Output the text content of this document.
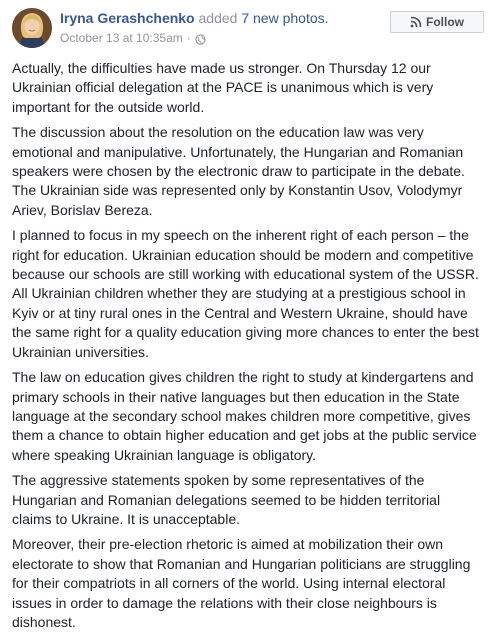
Iryna Gerashchenko added 7 new photos.
October 13 at 10:35am ·
Follow

Actually, the difficulties have made us stronger. On Thursday 12 our Ukrainian official delegation at the PACE is unanimous which is very important for the outside world.

The discussion about the resolution on the education law was very emotional and manipulative. Unfortunately, the Hungarian and Romanian speakers were chosen by the electronic draw to participate in the debate. The Ukrainian side was represented only by Konstantin Usov, Volodymyr Ariev, Borislav Bereza.

I planned to focus in my speech on the inherent right of each person – the right for education. Ukrainian education should be modern and competitive because our schools are still working with educational system of the USSR. All Ukrainian children whether they are studying at a prestigious school in Kyiv or at tiny rural ones in the Central and Western Ukraine, should have the same right for a quality education giving more chances to enter the best Ukrainian universities.

The law on education gives children the right to study at kindergartens and primary schools in their native languages but then education in the State language at the secondary school makes children more competitive, gives them a chance to obtain higher education and get jobs at the public service where speaking Ukrainian language is obligatory.

The aggressive statements spoken by some representatives of the Hungarian and Romanian delegations seemed to be hidden territorial claims to Ukraine. It is unacceptable.

Moreover, their pre-election rhetoric is aimed at mobilization their own electorate to show that Romanian and Hungarian politicians are struggling for their compatriots in all corners of the world. Using internal electoral issues in order to damage the relations with their close neighbours is dishonest.
